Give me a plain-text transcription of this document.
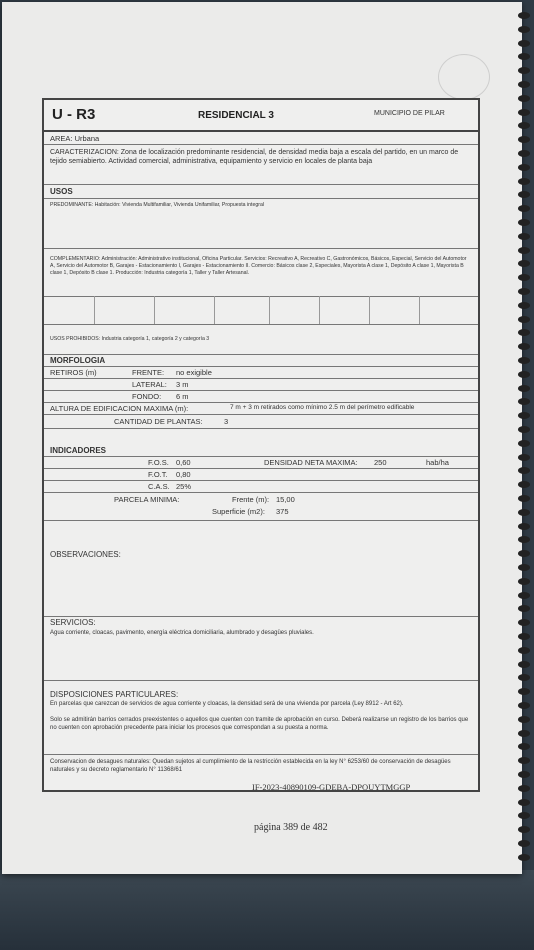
U - R3	RESIDENCIAL 3	MUNICIPIO DE PILAR
AREA: Urbana
CARACTERIZACION: Zona de localización predominante residencial, de densidad media baja a escala del partido, en un marco de tejido semiabierto. Actividad comercial, administrativa, equipamiento y servicio en locales de planta baja
USOS
PREDOMINANTE: Habitación: Vivienda Multifamiliar, Vivienda Unifamiliar, Propuesta integral
COMPLEMENTARIO: Administración: Administrativo institucional, Oficina Particular. Servicios: Recreativo A, Recreativo C, Gastronómicos, Básicos, Especial, Servicio del Automotor A, Servicio del Automotor B, Garajes - Estacionamiento I, Garajes - Estacionamiento II. Comercio: Básicos clase 2, Especiales, Mayorista A clase 1, Depósito A clase 1, Mayorista B clase 1, Depósito B clase 1. Producción: Industria categoría 1, Taller y Taller Artesanal.
USOS PROHIBIDOS: Industria categoría 1, categoría 2 y categoría 3
MORFOLOGIA
RETIROS (m)	FRENTE: no exigible
LATERAL: 3 m
FONDO: 6 m
ALTURA DE EDIFICACION MAXIMA (m):	7 m + 3 m retirados como mínimo 2.5 m del perímetro edificable
CANTIDAD DE PLANTAS:	3
INDICADORES
F.O.S. 0,60	DENSIDAD NETA MAXIMA: 250	hab/ha
F.O.T. 0,80
C.A.S. 25%
PARCELA MINIMA:	Frente (m): 15,00
Superficie (m2): 375
OBSERVACIONES:
SERVICIOS:
Agua corriente, cloacas, pavimento, energía eléctrica domiciliaria, alumbrado y desagües pluviales.
DISPOSICIONES PARTICULARES:
En parcelas que carezcan de servicios de agua corriente y cloacas, la densidad será de una vivienda por parcela (Ley 8912 - Art 62).
Solo se admitirán barrios cerrados preexistentes o aquellos que cuenten con tramite de aprobación en curso. Deberá realizarse un registro de los barrios que no cuenten con aprobación precedente para iniciar los procesos que correspondan a su puesta a norma.
Conservacion de desagues naturales: Quedan sujetos al cumplimiento de la restricción establecida en la ley N° 6253/60 de conservación de desagües naturales y su decreto reglamentario N° 11368/61
IF-2023-40890109-GDEBA-DPOUYTMGGP
página 389 de 482
